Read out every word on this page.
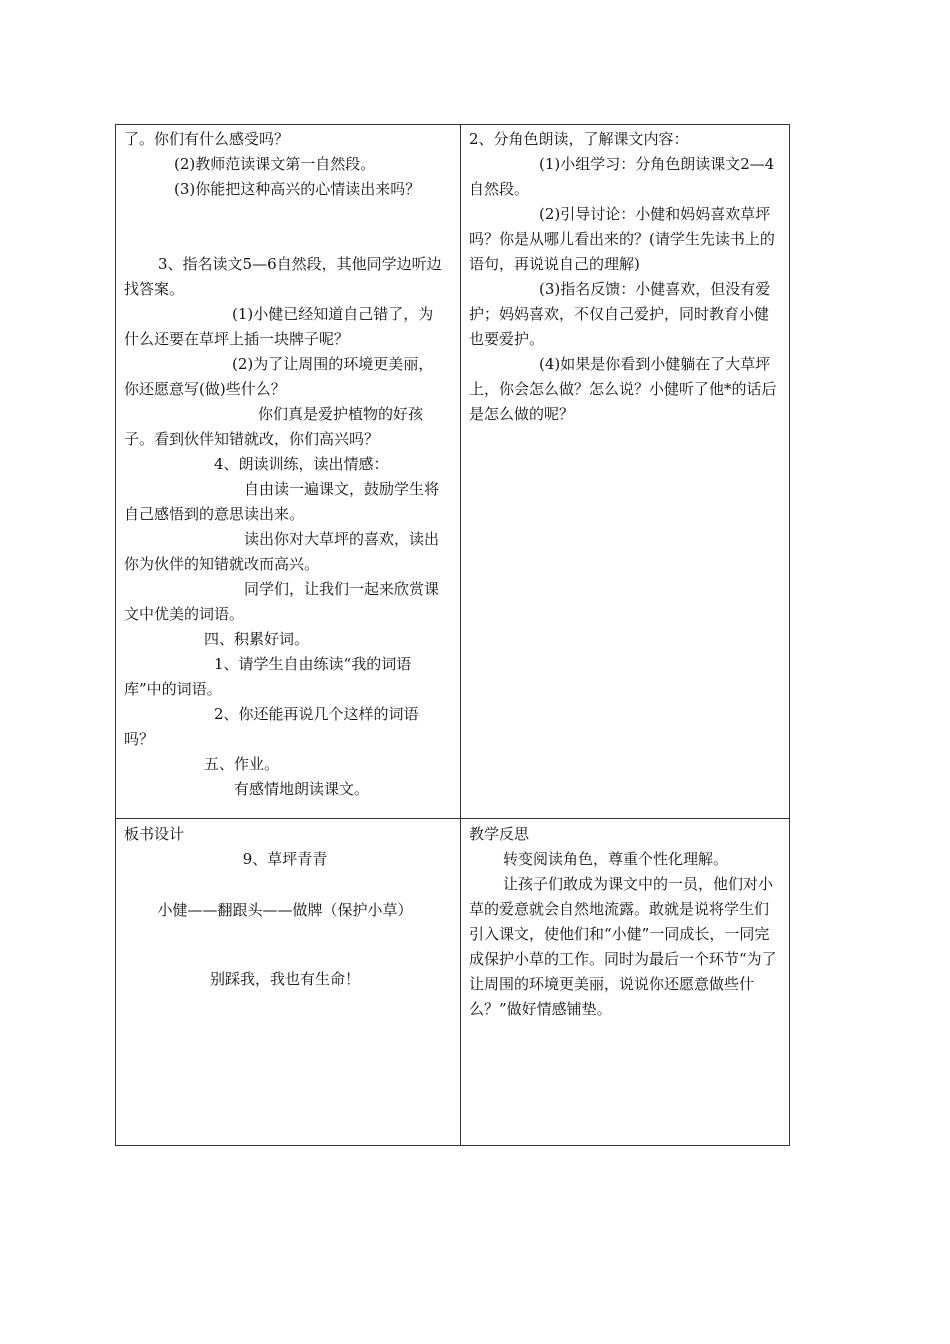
了。你们有什么感受吗？

(2)教师范读课文第一自然段。

(3)你能把这种高兴的心情读出来吗？

3、指名读文5—6自然段，其他同学边听边找答案。

(1)小健已经知道自己错了，为什么还要在草坪上插一块牌子呢？

(2)为了让周围的环境更美丽，你还愿意写(做)些什么？

你们真是爱护植物的好孩子。看到伙伴知错就改，你们高兴吗？

4、朗读训练，读出情感：

自由读一遍课文，鼓励学生将自己感悟到的意思读出来。

读出你对大草坪的喜欢，读出你为伙伴的知错就改而高兴。

同学们，让我们一起来欣赏课文中优美的词语。

四、积累好词。

1、请学生自由练读“我的词语库”中的词语。

2、你还能再说几个这样的词语吗？

五、作业。

有感情地朗读课文。

2、分角色朗读，了解课文内容：

(1)小组学习：分角色朗读课文2—4自然段。

(2)引导讨论：小健和妈妈喜欢草坪吗？你是从哪儿看出来的？(请学生先读书上的语句，再说说自己的理解)

(3)指名反馈：小健喜欢，但没有爱护；妈妈喜欢，不仅自己爱护，同时教育小健也要爱护。

(4)如果是你看到小健躺在了大草坪上，你会怎么做？怎么说？小健听了他*的话后是怎么做的呢？

板书设计

9、草坪青青

小健——翻跟头——做牌（保护小草）

别踩我，我也有生命！

教学反思

转变阅读角色，尊重个性化理解。

让孩子们敢成为课文中的一员，他们对小草的爱意就会自然地流露。敢就是说将学生们引入课文，使他们和“小健”一同成长，一同完成保护小草的工作。同时为最后一个环节“为了让周围的环境更美丽，说说你还愿意做些什么？”做好情感铺垫。
